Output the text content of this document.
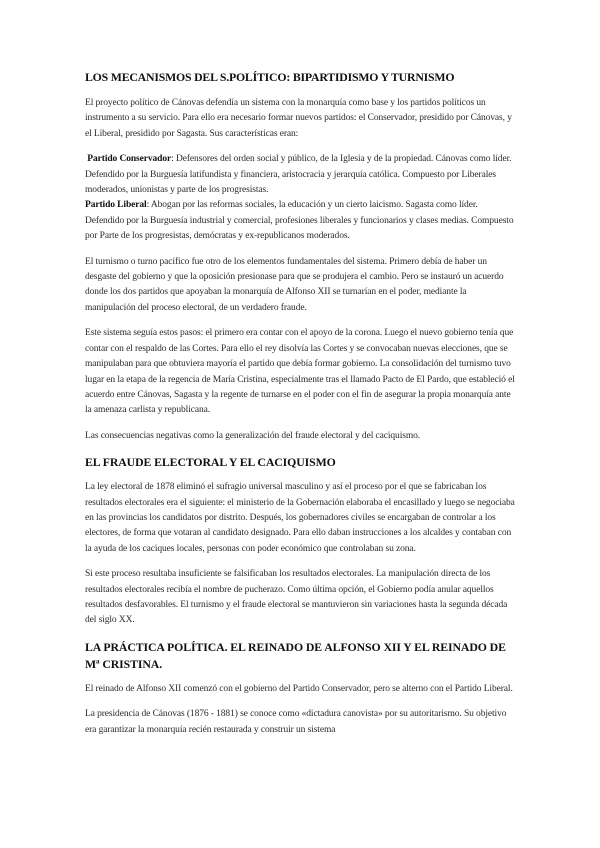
LOS MECANISMOS DEL S.POLÍTICO: BIPARTIDISMO Y TURNISMO

El proyecto político de Cánovas defendía un sistema con la monarquía como base y los partidos políticos un instrumento a su servicio. Para ello era necesario formar nuevos partidos: el Conservador, presidido por Cánovas, y el Liberal, presidido por Sagasta. Sus características eran:

Partido Conservador: Defensores del orden social y público, de la Iglesia y de la propiedad. Cánovas como líder. Defendido por la Burguesía latifundista y financiera, aristocracia y jerarquía católica. Compuesto por Liberales moderados, unionistas y parte de los progresistas.

Partido Liberal: Abogan por las reformas sociales, la educación y un cierto laicismo. Sagasta como líder. Defendido por la Burguesía industrial y comercial, profesiones liberales y funcionarios y clases medias. Compuesto por Parte de los progresistas, demócratas y ex-republicanos moderados.

El turnismo o turno pacífico fue otro de los elementos fundamentales del sistema. Primero debía de haber un desgaste del gobierno y que la oposición presionase para que se produjera el cambio. Pero se instauró un acuerdo donde los dos partidos que apoyaban la monarquía de Alfonso XII se turnarían en el poder, mediante la manipulación del proceso electoral, de un verdadero fraude.

Este sistema seguía estos pasos: el primero era contar con el apoyo de la corona. Luego el nuevo gobierno tenía que contar con el respaldo de las Cortes. Para ello el rey disolvía las Cortes y se convocaban nuevas elecciones, que se manipulaban para que obtuviera mayoría el partido que debía formar gobierno. La consolidación del turnismo tuvo lugar en la etapa de la regencia de María Cristina, especialmente tras el llamado Pacto de El Pardo, que estableció el acuerdo entre Cánovas, Sagasta y la regente de turnarse en el poder con el fin de asegurar la propia monarquía ante la amenaza carlista y republicana.

Las consecuencias negativas como la generalización del fraude electoral y del caciquismo.

EL FRAUDE ELECTORAL Y EL CACIQUISMO

La ley electoral de 1878 eliminó el sufragio universal masculino y así el proceso por el que se fabricaban los resultados electorales era el siguiente: el ministerio de la Gobernación elaboraba el encasillado y luego se negociaba en las provincias los candidatos por distrito. Después, los gobernadores civiles se encargaban de controlar a los electores, de forma que votaran al candidato designado. Para ello daban instrucciones a los alcaldes y contaban con la ayuda de los caciques locales, personas con poder económico que controlaban su zona.

Si este proceso resultaba insuficiente se falsificaban los resultados electorales. La manipulación directa de los resultados electorales recibía el nombre de pucherazo. Como última opción, el Gobierno podía anular aquellos resultados desfavorables. El turnismo y el fraude electoral se mantuvieron sin variaciones hasta la segunda década del siglo XX.

LA PRÁCTICA POLÍTICA. EL REINADO DE ALFONSO XII Y EL REINADO DE Mª CRISTINA.

El reinado de Alfonso XII comenzó con el gobierno del Partido Conservador, pero se alterno con el Partido Liberal.

La presidencia de Cánovas (1876 - 1881) se conoce como «dictadura canovista» por su autoritarismo. Su objetivo era garantizar la monarquía recién restaurada y construir un sistema
